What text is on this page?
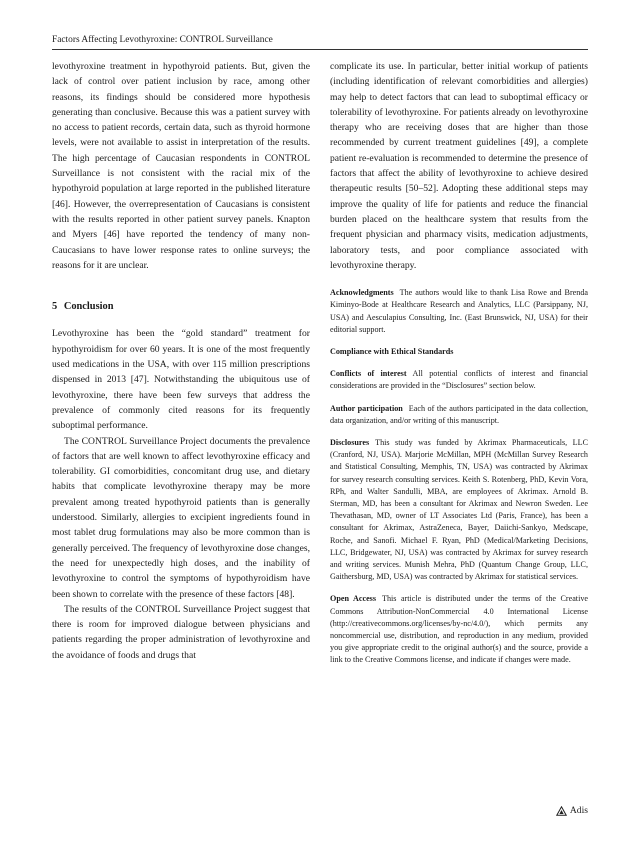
Factors Affecting Levothyroxine: CONTROL Surveillance

levothyroxine treatment in hypothyroid patients. But, given the lack of control over patient inclusion by race, among other reasons, its findings should be considered more hypothesis generating than conclusive. Because this was a patient survey with no access to patient records, certain data, such as thyroid hormone levels, were not available to assist in interpretation of the results. The high percentage of Caucasian respondents in CONTROL Surveillance is not consistent with the racial mix of the hypothyroid population at large reported in the published literature [46]. However, the overrepresentation of Caucasians is consistent with the results reported in other patient survey panels. Knapton and Myers [46] have reported the tendency of many non-Caucasians to have lower response rates to online surveys; the reasons for it are unclear.

5 Conclusion

Levothyroxine has been the “gold standard” treatment for hypothyroidism for over 60 years. It is one of the most frequently used medications in the USA, with over 115 million prescriptions dispensed in 2013 [47]. Notwithstanding the ubiquitous use of levothyroxine, there have been few surveys that address the prevalence of commonly cited reasons for its frequently suboptimal performance.

The CONTROL Surveillance Project documents the prevalence of factors that are well known to affect levothyroxine efficacy and tolerability. GI comorbidities, concomitant drug use, and dietary habits that complicate levothyroxine therapy may be more prevalent among treated hypothyroid patients than is generally understood. Similarly, allergies to excipient ingredients found in most tablet drug formulations may also be more common than is generally perceived. The frequency of levothyroxine dose changes, the need for unexpectedly high doses, and the inability of levothyroxine to control the symptoms of hypothyroidism have been shown to correlate with the presence of these factors [48].

The results of the CONTROL Surveillance Project suggest that there is room for improved dialogue between physicians and patients regarding the proper administration of levothyroxine and the avoidance of foods and drugs that

complicate its use. In particular, better initial workup of patients (including identification of relevant comorbidities and allergies) may help to detect factors that can lead to suboptimal efficacy or tolerability of levothyroxine. For patients already on levothyroxine therapy who are receiving doses that are higher than those recommended by current treatment guidelines [49], a complete patient re-evaluation is recommended to determine the presence of factors that affect the ability of levothyroxine to achieve desired therapeutic results [50–52]. Adopting these additional steps may improve the quality of life for patients and reduce the financial burden placed on the healthcare system that results from the frequent physician and pharmacy visits, medication adjustments, laboratory tests, and poor compliance associated with levothyroxine therapy.

Acknowledgments The authors would like to thank Lisa Rowe and Brenda Kiminyo-Bode at Healthcare Research and Analytics, LLC (Parsippany, NJ, USA) and Aesculapius Consulting, Inc. (East Brunswick, NJ, USA) for their editorial support.

Compliance with Ethical Standards

Conflicts of interest All potential conflicts of interest and financial considerations are provided in the “Disclosures” section below.

Author participation Each of the authors participated in the data collection, data organization, and/or writing of this manuscript.

Disclosures This study was funded by Akrimax Pharmaceuticals, LLC (Cranford, NJ, USA). Marjorie McMillan, MPH (McMillan Survey Research and Statistical Consulting, Memphis, TN, USA) was contracted by Akrimax for survey research consulting services. Keith S. Rotenberg, PhD, Kevin Vora, RPh, and Walter Sandulli, MBA, are employees of Akrimax. Arnold B. Sterman, MD, has been a consultant for Akrimax and Newron Sweden. Lee Thevathasan, MD, owner of LT Associates Ltd (Paris, France), has been a consultant for Akrimax, AstraZeneca, Bayer, Daiichi-Sankyo, Medscape, Roche, and Sanofi. Michael F. Ryan, PhD (Medical/Marketing Decisions, LLC, Bridgewater, NJ, USA) was contracted by Akrimax for survey research and writing services. Munish Mehra, PhD (Quantum Change Group, LLC, Gaithersburg, MD, USA) was contracted by Akrimax for statistical services.

Open Access This article is distributed under the terms of the Creative Commons Attribution-NonCommercial 4.0 International License (http://creativecommons.org/licenses/by-nc/4.0/), which permits any noncommercial use, distribution, and reproduction in any medium, provided you give appropriate credit to the original author(s) and the source, provide a link to the Creative Commons license, and indicate if changes were made.

Adis
